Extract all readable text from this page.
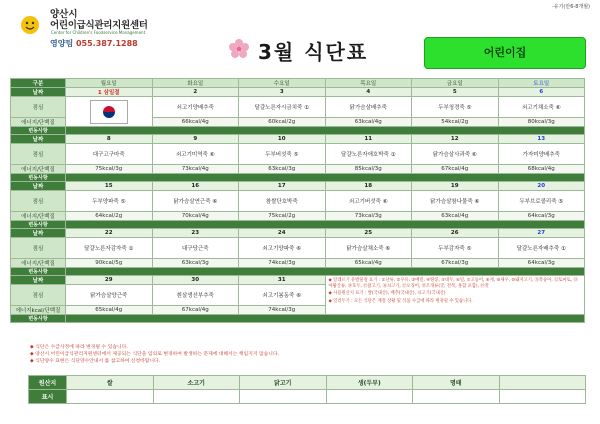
양산시
어린이급식관리지원센터
Center for Children's Foodservice Management
영양팀 055.387.1288
-유기(만6-8개월)
3월 식단표	어린이집
구분	월요일	화요일	수요일	목요일	금요일	토요일
날짜	1 삼일절	2	3	4	5	6
점심		쇠고기양배추죽	달걀노른자시금치죽 ①	닭가슴살배추죽	두부청경죽 ⑤	쇠고기채소죽 ⑥
에너지/단백질		66kcal/4g	60kcal/2g	63kcal/4g	54kcal/2g	80kcal/3g
변동사항						
날짜	8	9	10	11	12	13
점심	대구고구마죽	쇠고기미역죽 ⑥	두부버섯죽 ⑤	달걀노른자애호박죽 ①	닭가슴살사과죽 ⑥	가자미양배추죽
에너지/단백질	75kcal/3g	73kcal/4g	63kcal/3g	85kcal/3g	67kcal/4g	68kcal/4g
변동사항						
날짜	15	16	17	18	19	20
점심	두부양파죽 ⑤	닭가슴살연근죽 ⑥	참쌀단호박죽	쇠고기버섯죽 ⑥	닭가슴살참나물죽 ⑥	두부브로콜리죽 ⑤
에너지/단백질	64kcal/2g	70kcal/4g	75kcal/2g	73kcal/3g	63kcal/4g	64kcal/3g
변동사항						
날짜	22	23	24	25	26	27
점심	달걀노른자감자죽 ①	대구당근죽	쇠고기양파죽 ⑥	닭가슴살채소죽 ⑥	두부감자죽 ⑤	달걀노른자배추죽 ①
에너지/단백질	90kcal/5g	63kcal/3g	74kcal/3g	65kcal/4g	67kcal/3g	64kcal/3g
변동사항						
날짜	29	30	31	◆ 알레르기 유발물질 표기 : ①난류, ②우유, ③메밀, ④땅콩, ⑤대두, ⑥밀, ⑦고등어, ⑧게, ⑨새우, ⑩돼지고기, ⑪복숭아, ⑫토마토, ⑬아황산류, ⑭호두, ⑮닭고기, ⑯쇠고기, ⑰오징어, ⑱조개류(굴, 전복, 홍합 포함), ⑲잣

◆ 사용원산지 표기 : 쌀(국내산), 배추(국내산), 쇠고기(국내산)

◆ 일러두기 : 모든 식단은 계절 상황 및 식품 수급에 따라 변경될 수 있습니다.		

점심	닭가슴살양근죽	흰살생선부추죽	쇠고기봄동죽 ⑥			
에너지kcal/단백질	65kcal/4g	67kcal/4g	74kcal/3g			
변동사항						
◆ 식단은 수급사정에 따라 변경될 수 있습니다.
◆ 양산시 어린이급식관리지원센터에서 제공되는 식단을 임의로 변경하여 발생하는 문제에 대해서는 책임지지 않습니다.
◆ 식단양수 표현은 식단양수안내서 를 참고하여 신청바랍니다.
원산지	쌀	소고기	닭고기	생(두부)	명태	
표시						
